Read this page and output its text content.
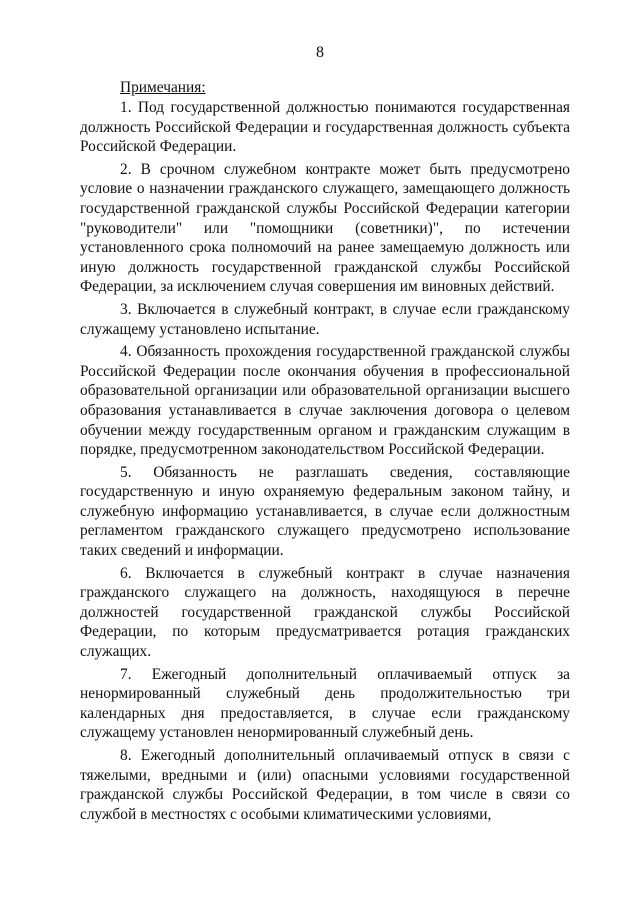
8

Примечания:

1. Под государственной должностью понимаются государственная должность Российской Федерации и государственная должность субъекта Российской Федерации.

2. В срочном служебном контракте может быть предусмотрено условие о назначении гражданского служащего, замещающего должность государственной гражданской службы Российской Федерации категории "руководители" или "помощники (советники)", по истечении установленного срока полномочий на ранее замещаемую должность или иную должность государственной гражданской службы Российской Федерации, за исключением случая совершения им виновных действий.

3. Включается в служебный контракт, в случае если гражданскому служащему установлено испытание.

4. Обязанность прохождения государственной гражданской службы Российской Федерации после окончания обучения в профессиональной образовательной организации или образовательной организации высшего образования устанавливается в случае заключения договора о целевом обучении между государственным органом и гражданским служащим в порядке, предусмотренном законодательством Российской Федерации.

5. Обязанность не разглашать сведения, составляющие государственную и иную охраняемую федеральным законом тайну, и служебную информацию устанавливается, в случае если должностным регламентом гражданского служащего предусмотрено использование таких сведений и информации.

6. Включается в служебный контракт в случае назначения гражданского служащего на должность, находящуюся в перечне должностей государственной гражданской службы Российской Федерации, по которым предусматривается ротация гражданских служащих.

7. Ежегодный дополнительный оплачиваемый отпуск за ненормированный служебный день продолжительностью три календарных дня предоставляется, в случае если гражданскому служащему установлен ненормированный служебный день.

8. Ежегодный дополнительный оплачиваемый отпуск в связи с тяжелыми, вредными и (или) опасными условиями государственной гражданской службы Российской Федерации, в том числе в связи со службой в местностях с особыми климатическими условиями,
